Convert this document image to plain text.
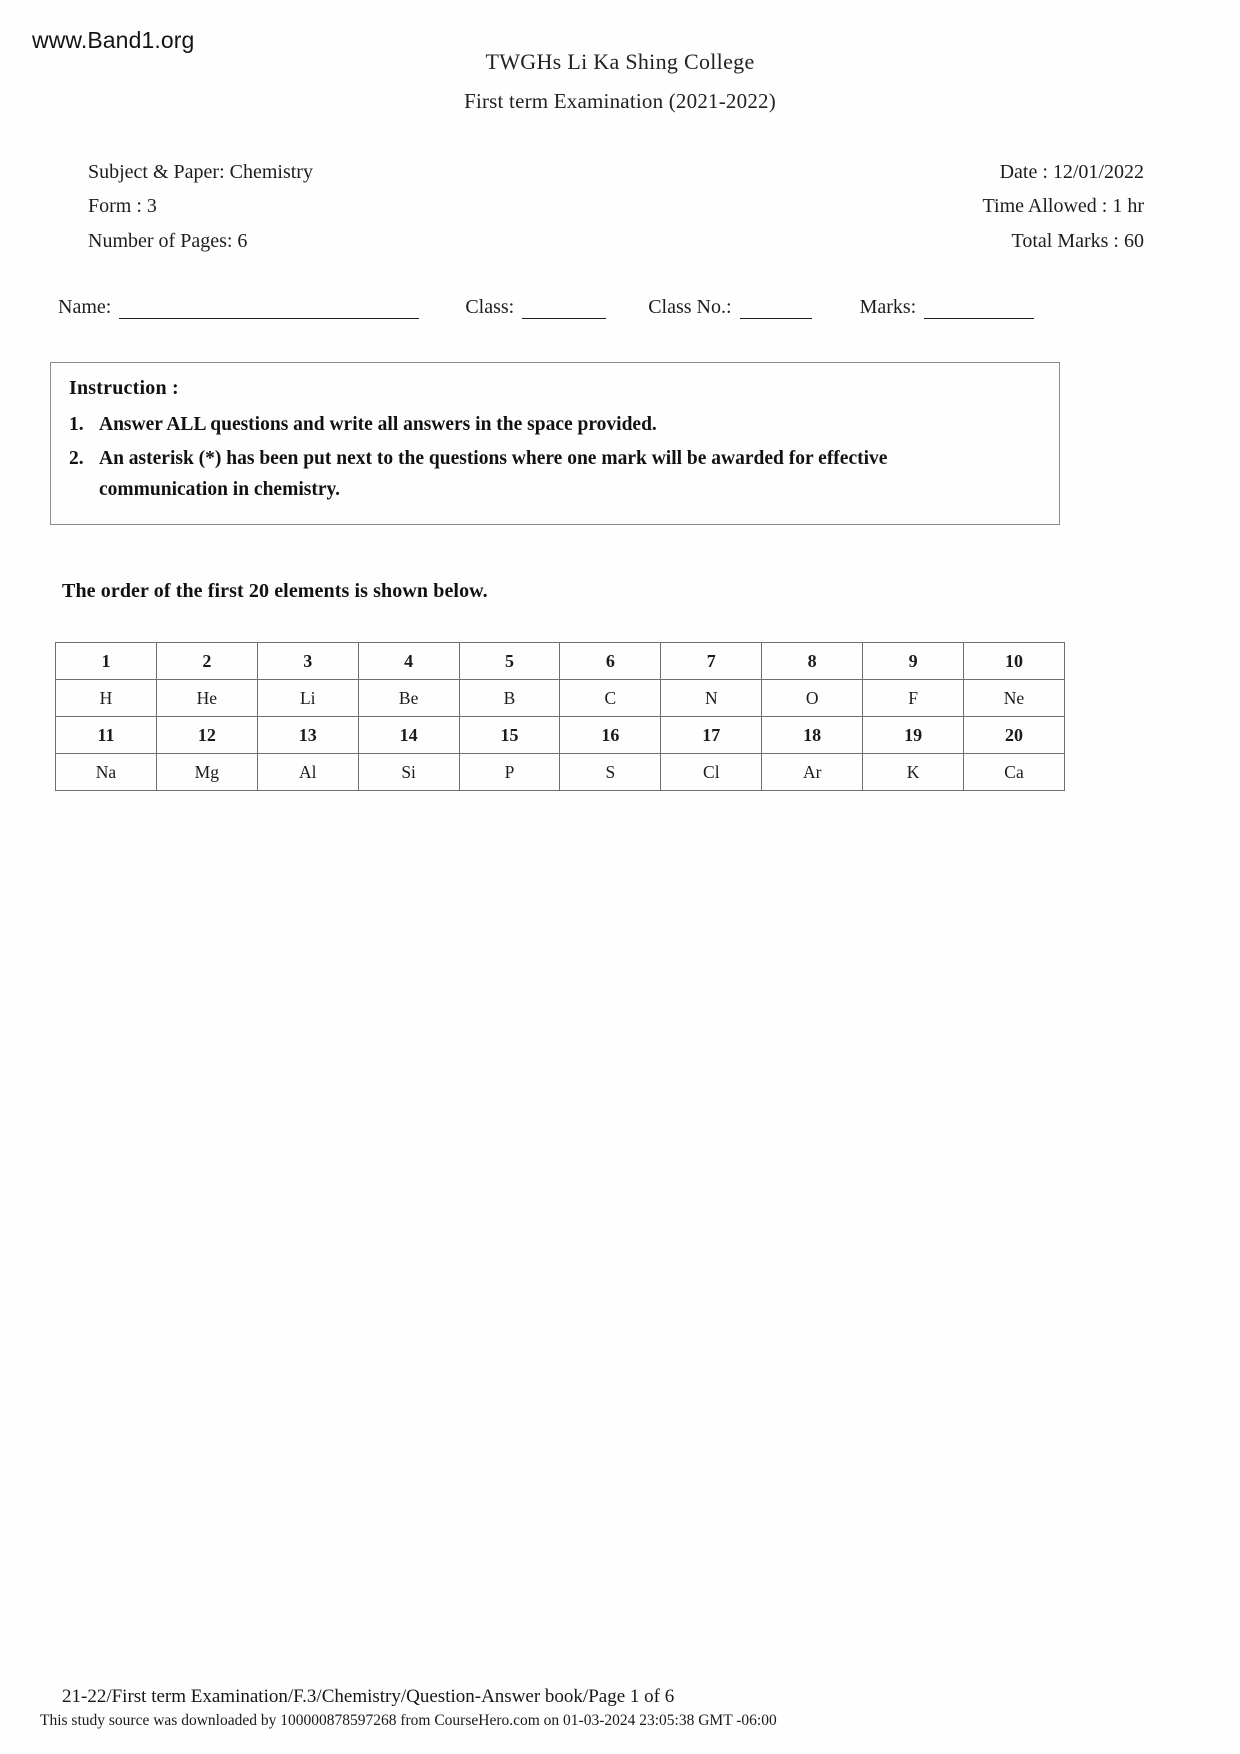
www.Band1.org
TWGHs Li Ka Shing College
First term Examination (2021-2022)
Subject & Paper: Chemistry	Date : 12/01/2022
Form : 3	Time Allowed : 1 hr
Number of Pages: 6	Total Marks : 60
Name:	Class:	Class No.:	Marks:
Instruction :
1. Answer ALL questions and write all answers in the space provided.
2. An asterisk (*) has been put next to the questions where one mark will be awarded for effective
communication in chemistry.
The order of the first 20 elements is shown below.
1	2	3	4	5	6	7	8	9	10
H	He	Li	Be	B	C	N	O	F	Ne
11	12	13	14	15	16	17	18	19	20
Na	Mg	Al	Si	P	S	Cl	Ar	K	Ca
21-22/First term Examination/F.3/Chemistry/Question-Answer book/Page 1 of 6
This study source was downloaded by 100000878597268 from CourseHero.com on 01-03-2024 23:05:38 GMT -06:00
